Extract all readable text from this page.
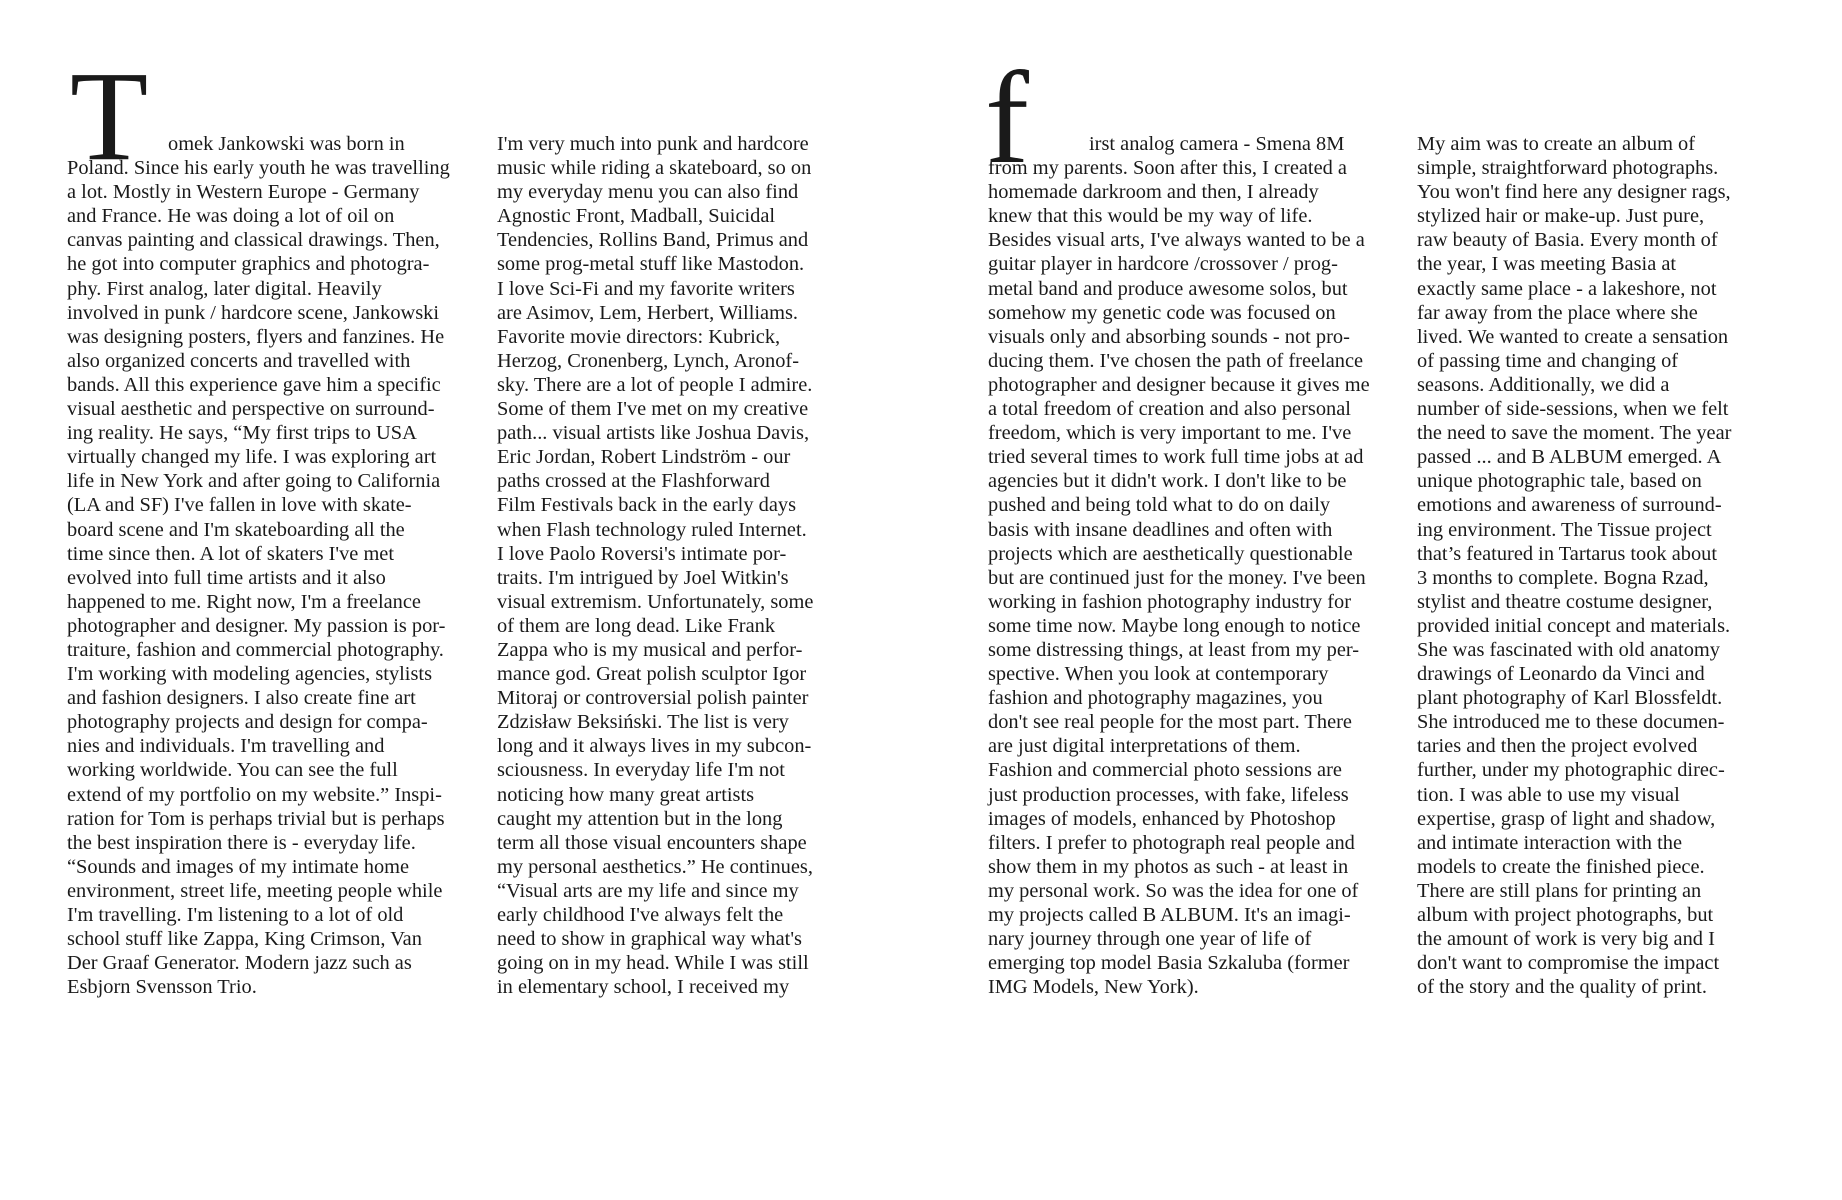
T	f
omek Jankowski was born in
Poland. Since his early youth he was travelling
a lot. Mostly in Western Europe - Germany
and France. He was doing a lot of oil on
canvas painting and classical drawings. Then,
he got into computer graphics and photogra-
phy. First analog, later digital. Heavily
involved in punk / hardcore scene, Jankowski
was designing posters, flyers and fanzines. He
also organized concerts and travelled with
bands. All this experience gave him a specific
visual aesthetic and perspective on surround-
ing reality. He says, “My first trips to USA
virtually changed my life. I was exploring art
life in New York and after going to California
(LA and SF) I've fallen in love with skate-
board scene and I'm skateboarding all the
time since then. A lot of skaters I've met
evolved into full time artists and it also
happened to me. Right now, I'm a freelance
photographer and designer. My passion is por-
traiture, fashion and commercial photography.
I'm working with modeling agencies, stylists
and fashion designers. I also create fine art
photography projects and design for compa-
nies and individuals. I'm travelling and
working worldwide. You can see the full
extend of my portfolio on my website.” Inspi-
ration for Tom is perhaps trivial but is perhaps
the best inspiration there is - everyday life.
“Sounds and images of my intimate home
environment, street life, meeting people while
I'm travelling. I'm listening to a lot of old
school stuff like Zappa, King Crimson, Van
Der Graaf Generator. Modern jazz such as
Esbjorn Svensson Trio.
I'm very much into punk and hardcore
music while riding a skateboard, so on
my everyday menu you can also find
Agnostic Front, Madball, Suicidal
Tendencies, Rollins Band, Primus and
some prog-metal stuff like Mastodon.
I love Sci-Fi and my favorite writers
are Asimov, Lem, Herbert, Williams.
Favorite movie directors: Kubrick,
Herzog, Cronenberg, Lynch, Aronof-
sky. There are a lot of people I admire.
Some of them I've met on my creative
path... visual artists like Joshua Davis,
Eric Jordan, Robert Lindström - our
paths crossed at the Flashforward
Film Festivals back in the early days
when Flash technology ruled Internet.
I love Paolo Roversi's intimate por-
traits. I'm intrigued by Joel Witkin's
visual extremism. Unfortunately, some
of them are long dead. Like Frank
Zappa who is my musical and perfor-
mance god. Great polish sculptor Igor
Mitoraj or controversial polish painter
Zdzisław Beksiński. The list is very
long and it always lives in my subcon-
sciousness. In everyday life I'm not
noticing how many great artists
caught my attention but in the long
term all those visual encounters shape
my personal aesthetics.” He continues,
“Visual arts are my life and since my
early childhood I've always felt the
need to show in graphical way what's
going on in my head. While I was still
in elementary school, I received my
irst analog camera - Smena 8M
from my parents. Soon after this, I created a
homemade darkroom and then, I already
knew that this would be my way of life.
Besides visual arts, I've always wanted to be a
guitar player in hardcore /crossover / prog-
metal band and produce awesome solos, but
somehow my genetic code was focused on
visuals only and absorbing sounds - not pro-
ducing them. I've chosen the path of freelance
photographer and designer because it gives me
a total freedom of creation and also personal
freedom, which is very important to me. I've
tried several times to work full time jobs at ad
agencies but it didn't work. I don't like to be
pushed and being told what to do on daily
basis with insane deadlines and often with
projects which are aesthetically questionable
but are continued just for the money. I've been
working in fashion photography industry for
some time now. Maybe long enough to notice
some distressing things, at least from my per-
spective. When you look at contemporary
fashion and photography magazines, you
don't see real people for the most part. There
are just digital interpretations of them.
Fashion and commercial photo sessions are
just production processes, with fake, lifeless
images of models, enhanced by Photoshop
filters. I prefer to photograph real people and
show them in my photos as such - at least in
my personal work. So was the idea for one of
my projects called B ALBUM. It's an imagi-
nary journey through one year of life of
emerging top model Basia Szkaluba (former
IMG Models, New York).
My aim was to create an album of
simple, straightforward photographs.
You won't find here any designer rags,
stylized hair or make-up. Just pure,
raw beauty of Basia. Every month of
the year, I was meeting Basia at
exactly same place - a lakeshore, not
far away from the place where she
lived. We wanted to create a sensation
of passing time and changing of
seasons. Additionally, we did a
number of side-sessions, when we felt
the need to save the moment. The year
passed ... and B ALBUM emerged. A
unique photographic tale, based on
emotions and awareness of surround-
ing environment. The Tissue project
that’s featured in Tartarus took about
3 months to complete. Bogna Rzad,
stylist and theatre costume designer,
provided initial concept and materials.
She was fascinated with old anatomy
drawings of Leonardo da Vinci and
plant photography of Karl Blossfeldt.
She introduced me to these documen-
taries and then the project evolved
further, under my photographic direc-
tion. I was able to use my visual
expertise, grasp of light and shadow,
and intimate interaction with the
models to create the finished piece.
There are still plans for printing an
album with project photographs, but
the amount of work is very big and I
don't want to compromise the impact
of the story and the quality of print.
